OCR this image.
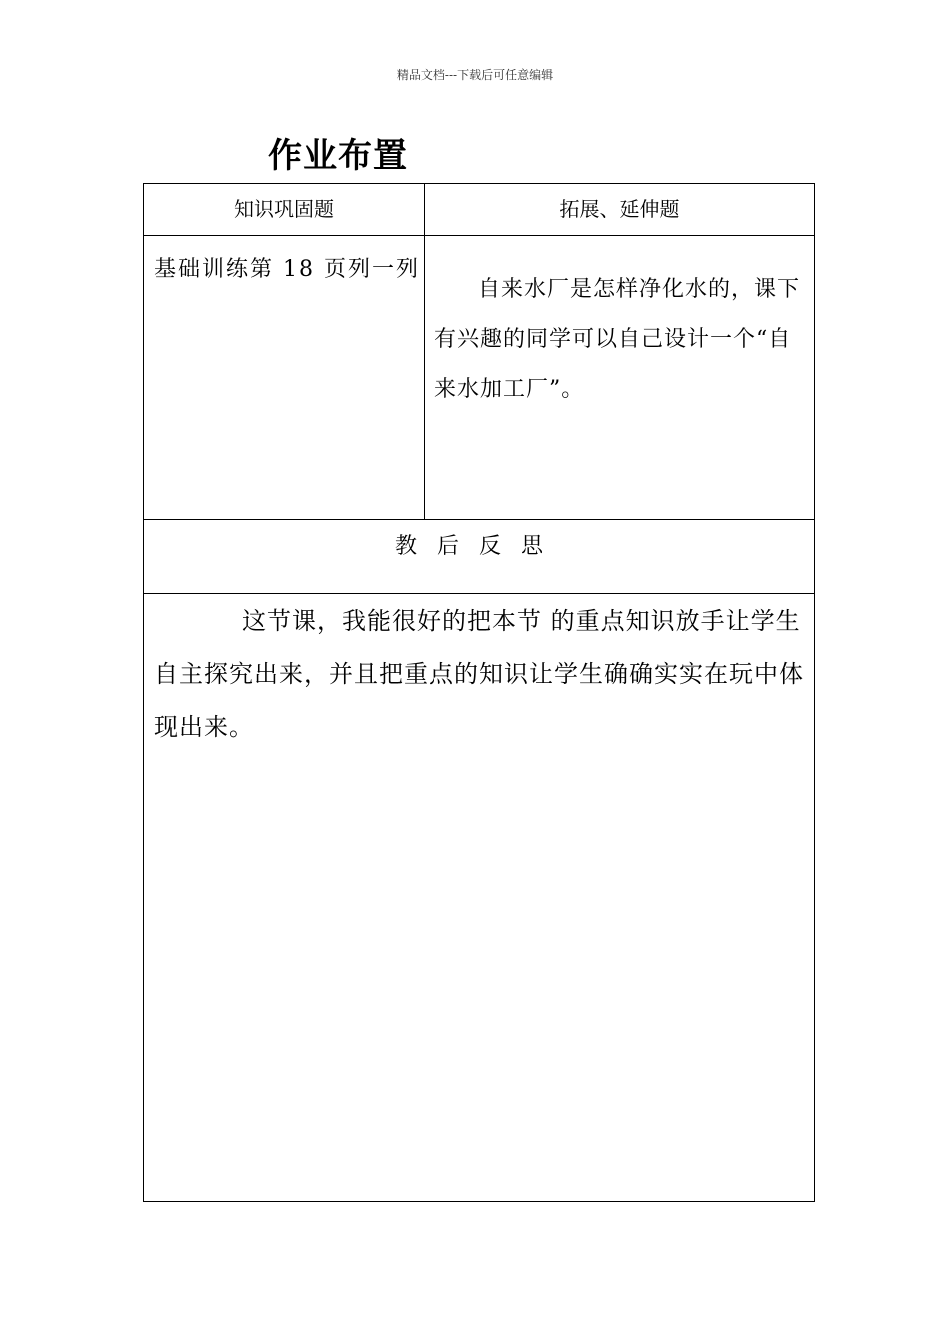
精品文档---下载后可任意编辑
作业布置
知识巩固题	拓展、延伸题
基础训练第 18 页列一列
自来水厂是怎样净化水的，课下有兴趣的同学可以自己设计一个“自来水加工厂”。
教后反思
这节课，我能很好的把本节 的重点知识放手让学生自主探究出来，并且把重点的知识让学生确确实实在玩中体现出来。
